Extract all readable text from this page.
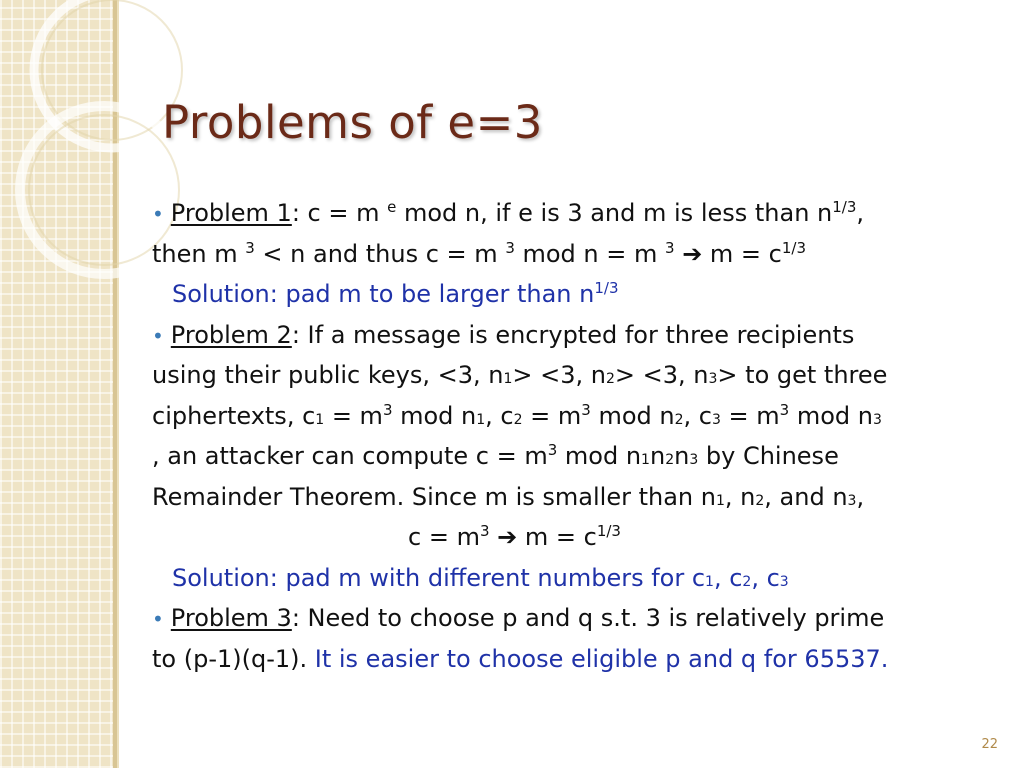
Problems of e=3
• Problem 1: c = m $^e$ mod n, if e is 3 and m is less than $n^{1/3}$,
then m $^3$ < n and thus c = m $^3$ mod n = m $^3$ ➔ $m = c^{1/3}$
Solution: pad m to be larger than $n^{1/3}$
• Problem 2: If a message is encrypted for three recipients
using their public keys, <3, n1> <3, n2> <3, n3> to get three
ciphertexts, $c1 = m^3$ mod n1, $c2 = m^3$ mod n2, $c3 = m^3$ mod n3
, an attacker can compute $c = m^3$ mod n1n2n3 by Chinese
Remainder Theorem. Since m is smaller than n1, n2, and n3,
$c = m^3$ ➔ $m = c^{1/3}$
Solution: pad m with different numbers for c1, c2, c3
• Problem 3: Need to choose p and q s.t. 3 is relatively prime
to (p-1)(q-1). It is easier to choose eligible p and q for 65537.
22
